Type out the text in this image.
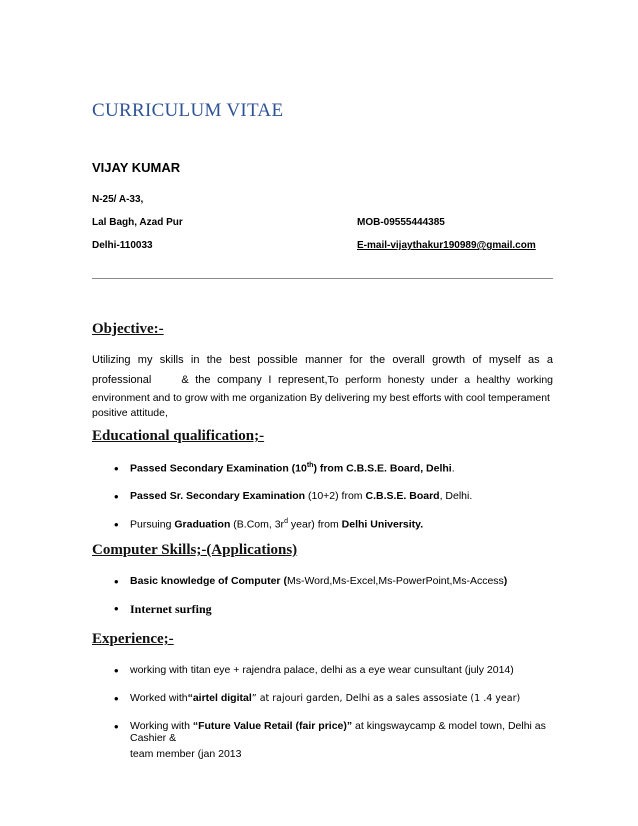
CURRICULUM VITAE
VIJAY KUMAR
N-25/ A-33,
Lal Bagh, Azad Pur	MOB-09555444385
Delhi-110033	E-mail-vijaythakur190989@gmail.com
Objective:-
Utilizing my skills in the best possible manner for the overall growth of myself as a
professional	& the company I represent,To perform honesty under a healthy working
environment and to grow with me organization By delivering my best efforts with cool temperament
positive attitude,
Educational qualification;-
• Passed Secondary Examination (10th) from C.B.S.E. Board, Delhi.
• Passed Sr. Secondary Examination (10+2) from C.B.S.E. Board, Delhi.
• Pursuing Graduation (B.Com, $3r^d$ year) from Delhi University.
Computer Skills;-(Applications)
• Basic knowledge of Computer (Ms-Word,Ms-Excel,Ms-PowerPoint,Ms-Access)
• Internet surfing
Experience;-
• working with titan eye + rajendra palace, delhi as a eye wear cunsultant (july 2014)
• Worked with“airtel digital” at rajouri garden, Delhi as a sales assosiate (1 .4 year)
• Working with “Future Value Retail (fair price)” at kingswaycamp & model town, Delhi as Cashier &
team member (jan 2013
